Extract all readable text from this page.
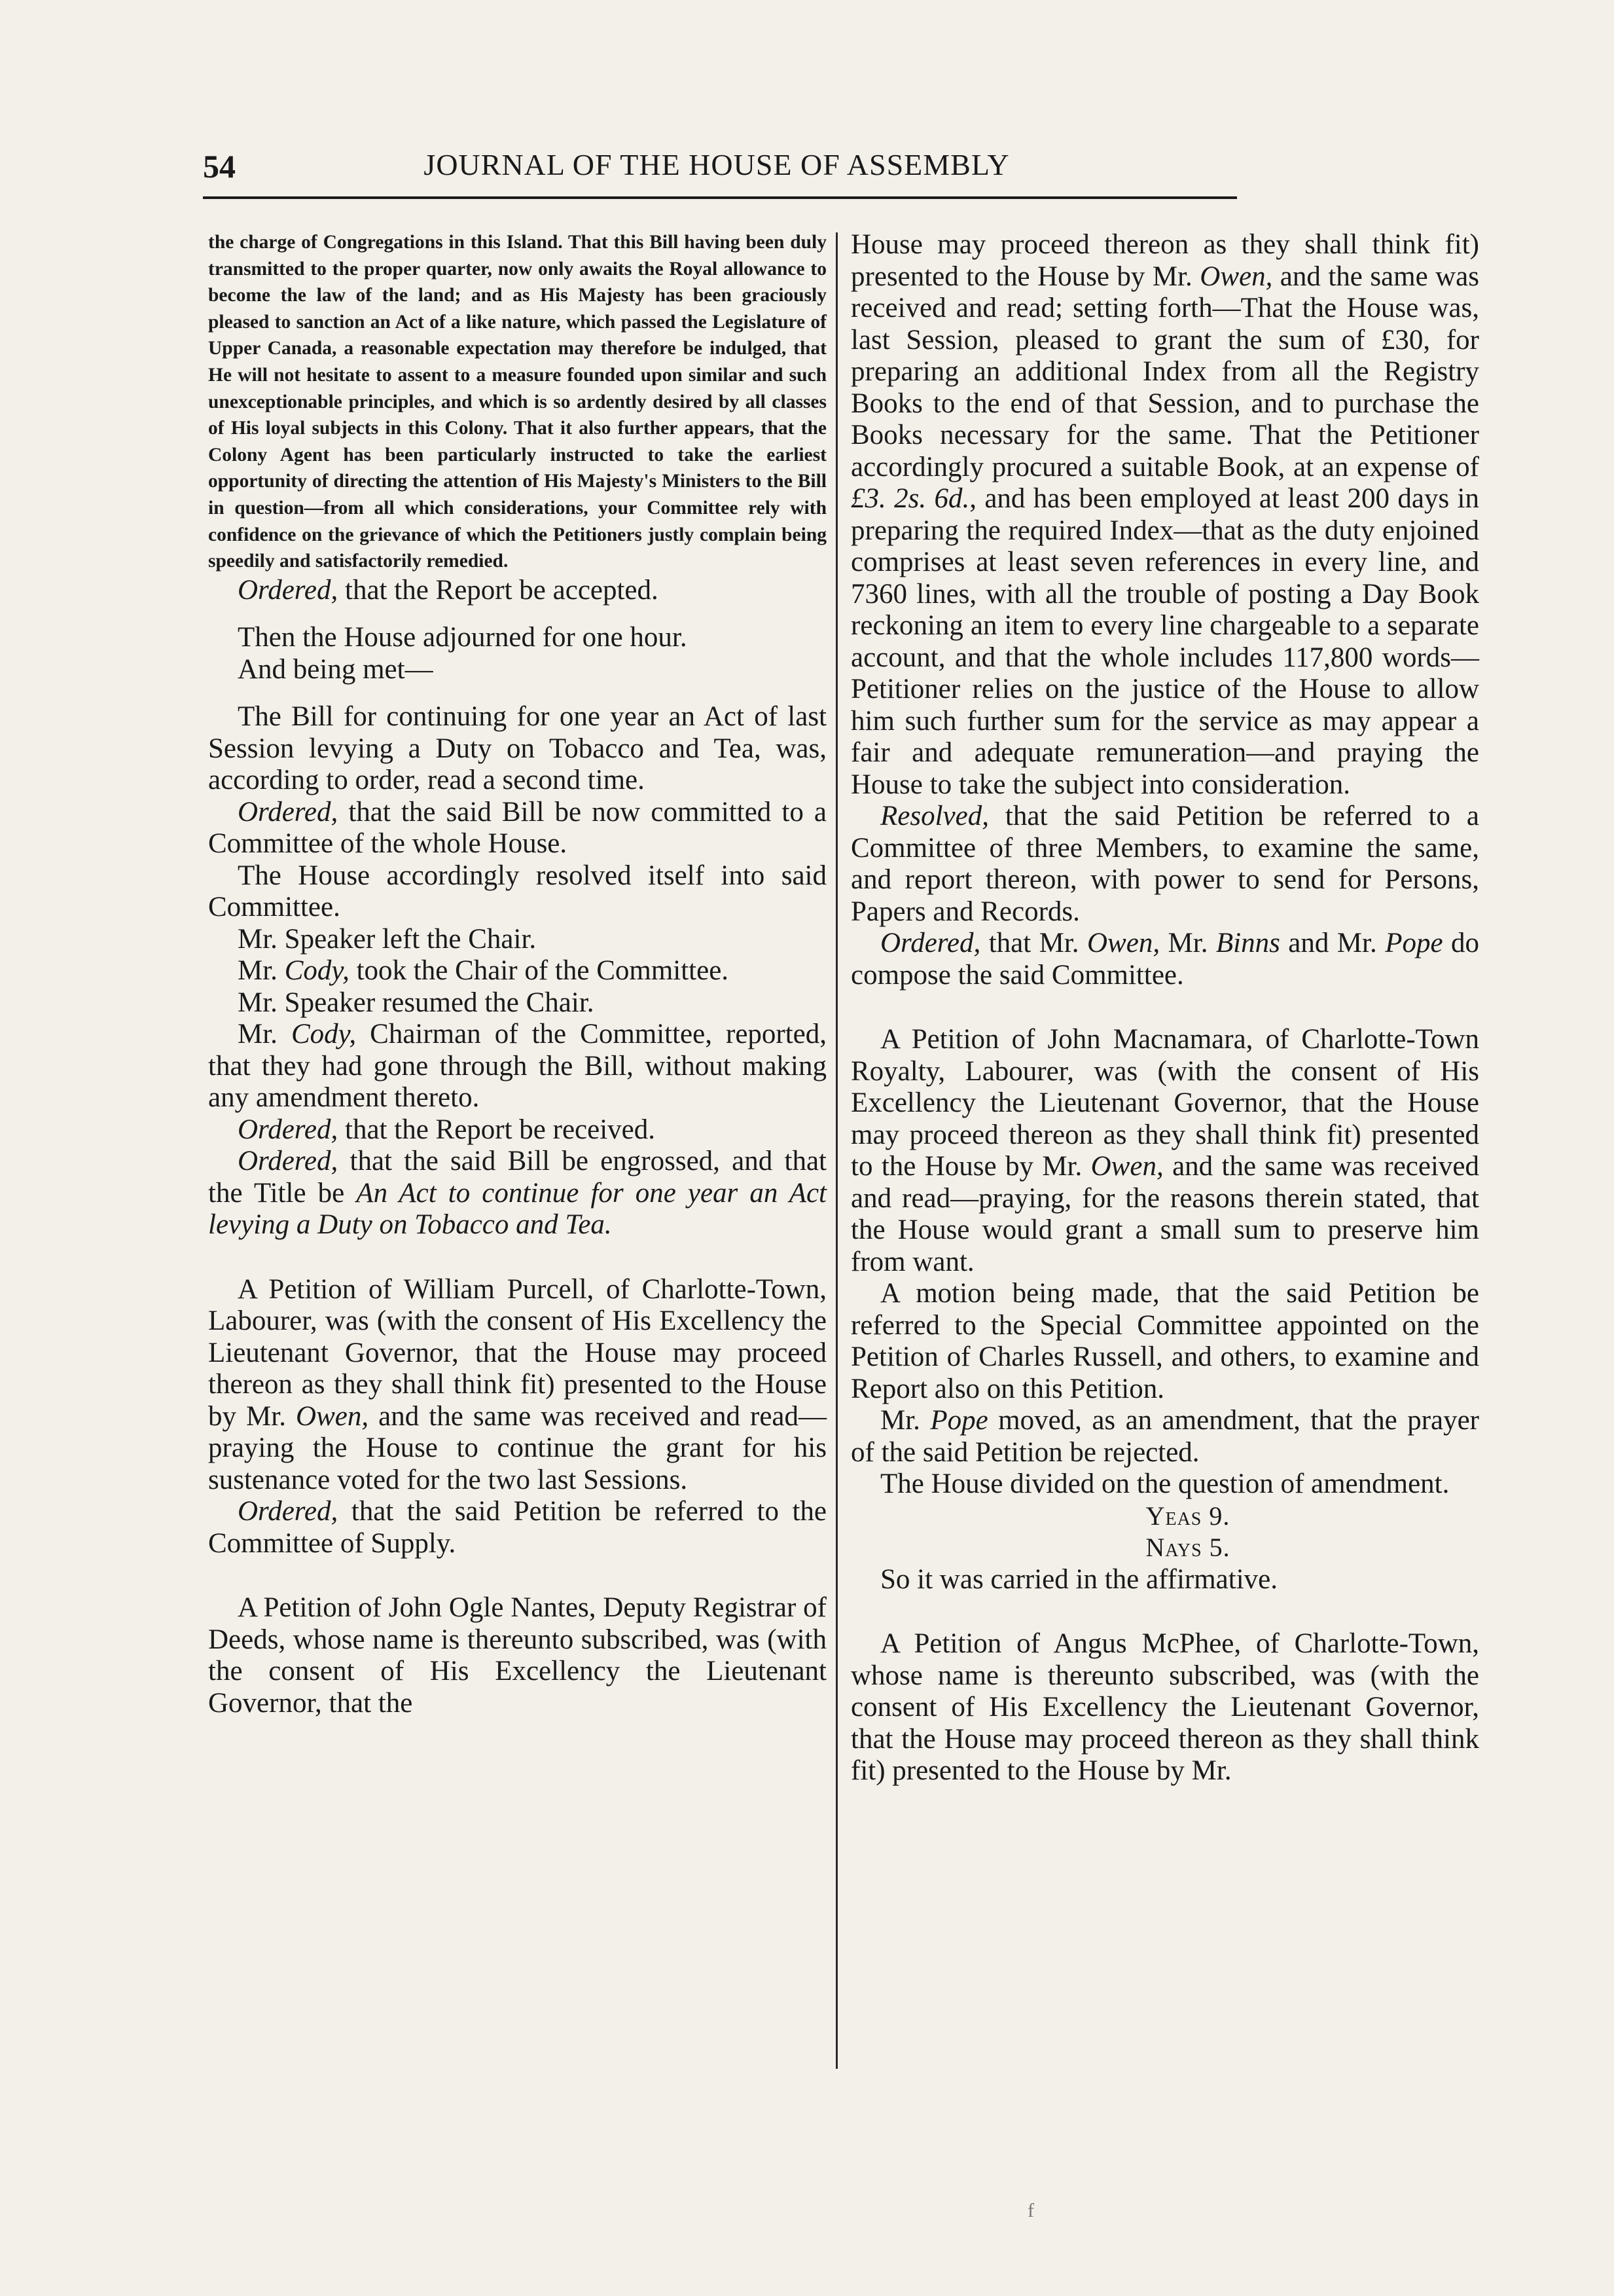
54	JOURNAL OF THE HOUSE OF ASSEMBLY

the charge of Congregations in this Island. That this Bill having been duly transmitted to the proper quarter, now only awaits the Royal allowance to become the law of the land; and as His Majesty has been graciously pleased to sanction an Act of a like nature, which passed the Legislature of Upper Canada, a reasonable expectation may therefore be indulged, that He will not hesitate to assent to a measure founded upon similar and such unexceptionable principles, and which is so ardently desired by all classes of His loyal subjects in this Colony. That it also further appears, that the Colony Agent has been particularly instructed to take the earliest opportunity of directing the attention of His Majesty's Ministers to the Bill in question—from all which considerations, your Committee rely with confidence on the grievance of which the Petitioners justly complain being speedily and satisfactorily remedied.

Ordered, that the Report be accepted.

Then the House adjourned for one hour.

And being met—

The Bill for continuing for one year an Act of last Session levying a Duty on Tobacco and Tea, was, according to order, read a second time.

Ordered, that the said Bill be now committed to a Committee of the whole House.

The House accordingly resolved itself into said Committee.

Mr. Speaker left the Chair.

Mr. Cody, took the Chair of the Committee.

Mr. Speaker resumed the Chair.

Mr. Cody, Chairman of the Committee, reported, that they had gone through the Bill, without making any amendment thereto.

Ordered, that the Report be received.

Ordered, that the said Bill be engrossed, and that the Title be An Act to continue for one year an Act levying a Duty on Tobacco and Tea.

A Petition of William Purcell, of Charlotte-Town, Labourer, was (with the consent of His Excellency the Lieutenant Governor, that the House may proceed thereon as they shall think fit) presented to the House by Mr. Owen, and the same was received and read—praying the House to continue the grant for his sustenance voted for the two last Sessions.

Ordered, that the said Petition be referred to the Committee of Supply.

A Petition of John Ogle Nantes, Deputy Registrar of Deeds, whose name is thereunto subscribed, was (with the consent of His Excellency the Lieutenant Governor, that the

House may proceed thereon as they shall think fit) presented to the House by Mr. Owen, and the same was received and read; setting forth—That the House was, last Session, pleased to grant the sum of £30, for preparing an additional Index from all the Registry Books to the end of that Session, and to purchase the Books necessary for the same. That the Petitioner accordingly procured a suitable Book, at an expense of £3. 2s. 6d., and has been employed at least 200 days in preparing the required Index—that as the duty enjoined comprises at least seven references in every line, and 7360 lines, with all the trouble of posting a Day Book reckoning an item to every line chargeable to a separate account, and that the whole includes 117,800 words—Petitioner relies on the justice of the House to allow him such further sum for the service as may appear a fair and adequate remuneration—and praying the House to take the subject into consideration.

Resolved, that the said Petition be referred to a Committee of three Members, to examine the same, and report thereon, with power to send for Persons, Papers and Records.

Ordered, that Mr. Owen, Mr. Binns and Mr. Pope do compose the said Committee.

A Petition of John Macnamara, of Charlotte-Town Royalty, Labourer, was (with the consent of His Excellency the Lieutenant Governor, that the House may proceed thereon as they shall think fit) presented to the House by Mr. Owen, and the same was received and read—praying, for the reasons therein stated, that the House would grant a small sum to preserve him from want.

A motion being made, that the said Petition be referred to the Special Committee appointed on the Petition of Charles Russell, and others, to examine and Report also on this Petition.

Mr. Pope moved, as an amendment, that the prayer of the said Petition be rejected.

The House divided on the question of amendment.

Yeas 9.

Nays 5.

So it was carried in the affirmative.

A Petition of Angus McPhee, of Charlotte-Town, whose name is thereunto subscribed, was (with the consent of His Excellency the Lieutenant Governor, that the House may proceed thereon as they shall think fit) presented to the House by Mr.

f
